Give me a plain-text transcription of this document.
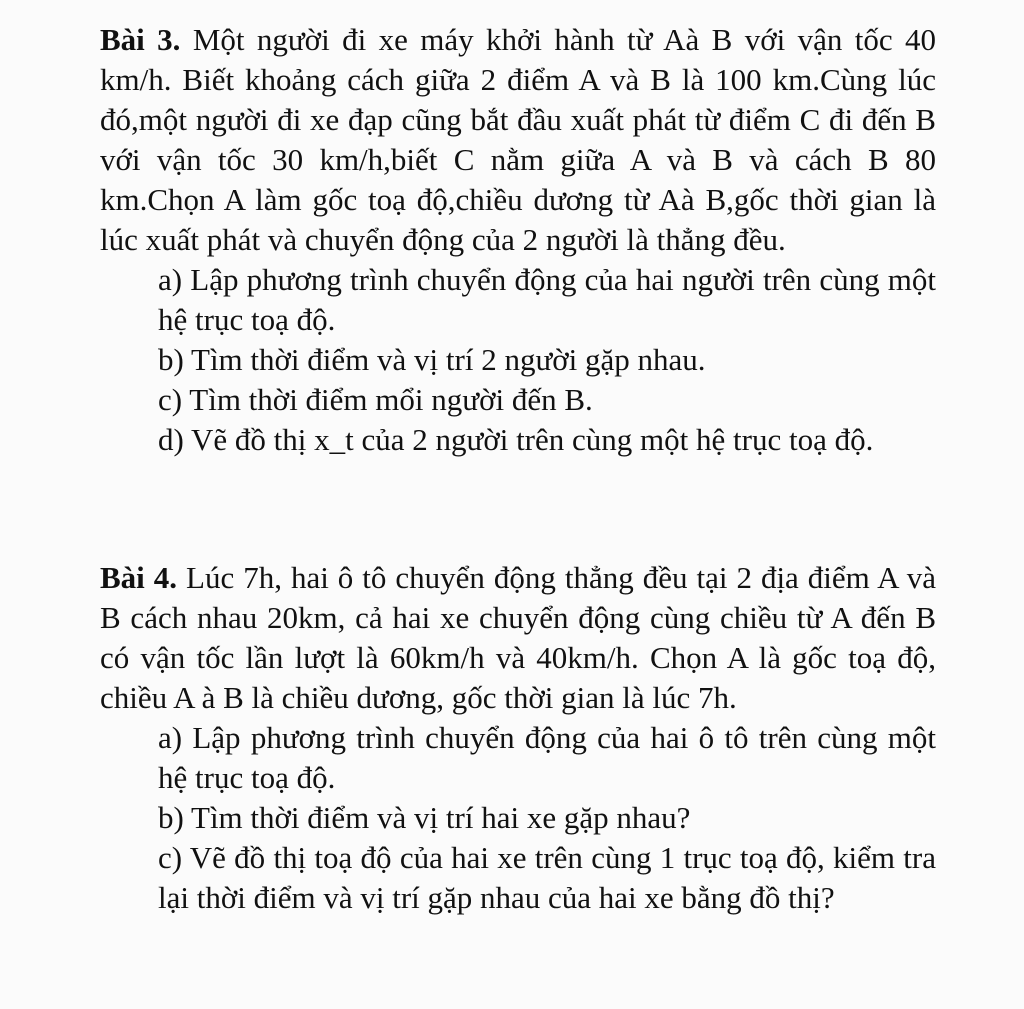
Bài 3. Một người đi xe máy khởi hành từ Aà B với vận tốc 40 km/h. Biết khoảng cách giữa 2 điểm A và B là 100 km.Cùng lúc đó,một người đi xe đạp cũng bắt đầu xuất phát từ điểm C đi đến B với vận tốc 30 km/h,biết C nằm giữa A và B và cách B 80 km.Chọn A làm gốc toạ độ,chiều dương từ Aà B,gốc thời gian là lúc xuất phát và chuyển động của 2 người là thẳng đều.

a) Lập phương trình chuyển động của hai người trên cùng một hệ trục toạ độ.
b) Tìm thời điểm và vị trí 2 người gặp nhau.
c) Tìm thời điểm mổi người đến B.
d) Vẽ đồ thị x_t của 2 người trên cùng một hệ trục toạ độ.

Bài 4. Lúc 7h, hai ô tô chuyển động thẳng đều tại 2 địa điểm A và B cách nhau 20km, cả hai xe chuyển động cùng chiều từ A đến B có vận tốc lần lượt là 60km/h và 40km/h. Chọn A là gốc toạ độ, chiều A à B là chiều dương, gốc thời gian là lúc 7h.

a) Lập phương trình chuyển động của hai ô tô trên cùng một hệ trục toạ độ.
b) Tìm thời điểm và vị trí hai xe gặp nhau?
c) Vẽ đồ thị toạ độ của hai xe trên cùng 1 trục toạ độ, kiểm tra lại thời điểm và vị trí gặp nhau của hai xe bằng đồ thị?
